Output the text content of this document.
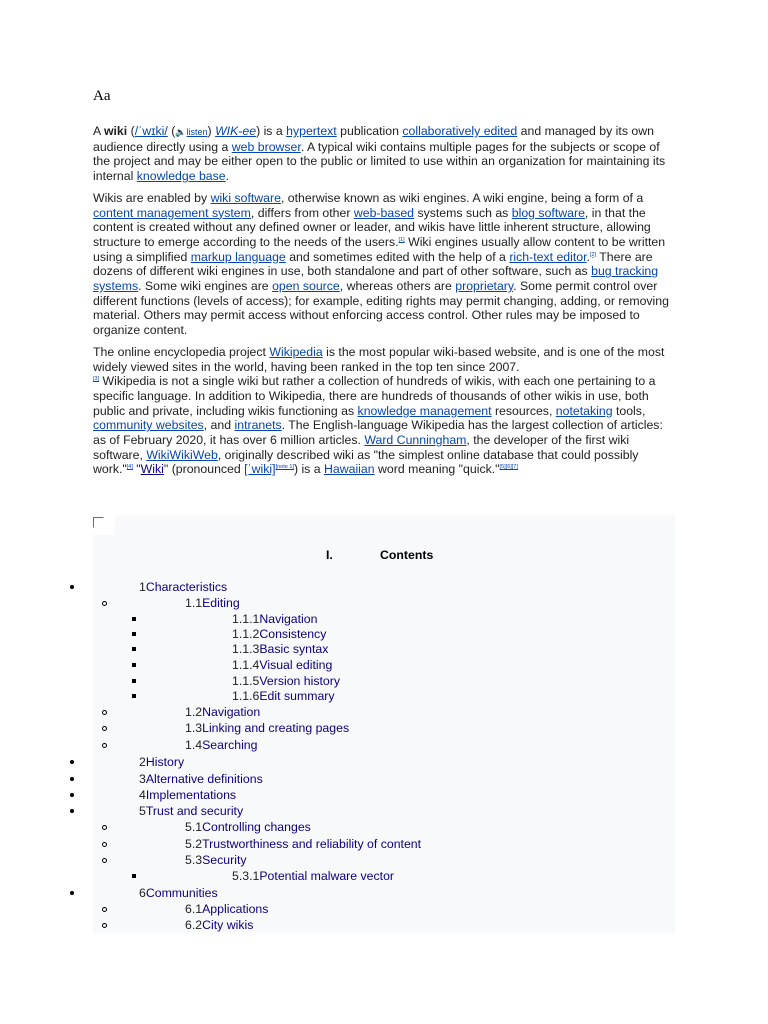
Aa

A wiki (/ˈwɪki/ (🔈listen) WIK-ee) is a hypertext publication collaboratively edited and managed by its own audience directly using a web browser. A typical wiki contains multiple pages for the subjects or scope of the project and may be either open to the public or limited to use within an organization for maintaining its internal knowledge base.

Wikis are enabled by wiki software, otherwise known as wiki engines. A wiki engine, being a form of a content management system, differs from other web-based systems such as blog software, in that the content is created without any defined owner or leader, and wikis have little inherent structure, allowing structure to emerge according to the needs of the users.[1] Wiki engines usually allow content to be written using a simplified markup language and sometimes edited with the help of a rich-text editor.[2] There are dozens of different wiki engines in use, both standalone and part of other software, such as bug tracking systems. Some wiki engines are open source, whereas others are proprietary. Some permit control over different functions (levels of access); for example, editing rights may permit changing, adding, or removing material. Others may permit access without enforcing access control. Other rules may be imposed to organize content.

The online encyclopedia project Wikipedia is the most popular wiki-based website, and is one of the most widely viewed sites in the world, having been ranked in the top ten since 2007.
[3] Wikipedia is not a single wiki but rather a collection of hundreds of wikis, with each one pertaining to a specific language. In addition to Wikipedia, there are hundreds of thousands of other wikis in use, both public and private, including wikis functioning as knowledge management resources, notetaking tools, community websites, and intranets. The English-language Wikipedia has the largest collection of articles: as of February 2020, it has over 6 million articles. Ward Cunningham, the developer of the first wiki software, WikiWikiWeb, originally described wiki as "the simplest online database that could possibly work."[4] "Wiki" (pronounced [ˈwiki][note 1]) is a Hawaiian word meaning "quick."[5][6][7]

I.	Contents
1Characteristics
1.1Editing
1.1.1Navigation
1.1.2Consistency
1.1.3Basic syntax
1.1.4Visual editing
1.1.5Version history
1.1.6Edit summary
1.2Navigation
1.3Linking and creating pages
1.4Searching
2History
3Alternative definitions
4Implementations
5Trust and security
5.1Controlling changes
5.2Trustworthiness and reliability of content
5.3Security
5.3.1Potential malware vector
6Communities
6.1Applications
6.2City wikis
